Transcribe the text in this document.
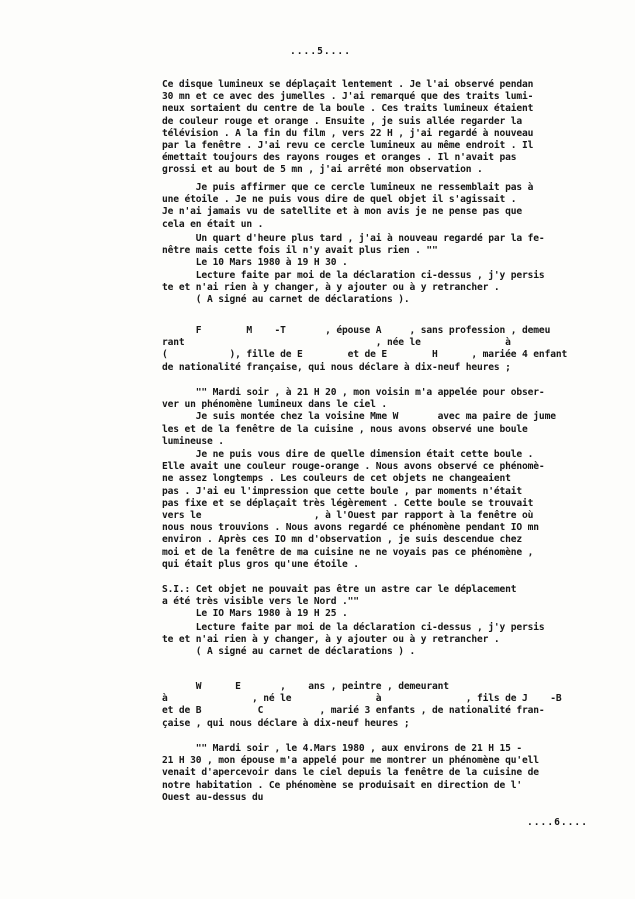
....5....
Ce disque lumineux se déplaçait lentement . Je l'ai observé pendan
30 mn et ce avec des jumelles . J'ai remarqué que des traits lumi-
neux sortaient du centre de la boule . Ces traits lumineux étaient
de couleur rouge et orange . Ensuite , je suis allée regarder la
télévision . A la fin du film , vers 22 H , j'ai regardé à nouveau
par la fenêtre . J'ai revu ce cercle lumineux au même endroit . Il
émettait toujours des rayons rouges et oranges . Il n'avait pas
grossi et au bout de 5 mn , j'ai arrêté mon observation .
Je puis affirmer que ce cercle lumineux ne ressemblait pas à
une étoile . Je ne puis vous dire de quel objet il s'agissait .
Je n'ai jamais vu de satellite et à mon avis je ne pense pas que
cela en était un .
Un quart d'heure plus tard , j'ai à nouveau regardé par la fe-
nêtre mais cette fois il n'y avait plus rien . ""
Le 10 Mars 1980 à 19 H 30 .
Lecture faite par moi de la déclaration ci-dessus , j'y persis
te et n'ai rien à y changer, à y ajouter ou à y retrancher .
( A signé au carnet de déclarations ).
F        M    -T       , épouse A     , sans profession , demeu
rant                                  , née le               à
(           ), fille de E        et de E        H      , mariée 4 enfant
de nationalité française, qui nous déclare à dix-neuf heures ;
"" Mardi soir , à 21 H 20 , mon voisin m'a appelée pour obser-
ver un phénomène lumineux dans le ciel .
Je suis montée chez la voisine Mme W       avec ma paire de jume
les et de la fenêtre de la cuisine , nous avons observé une boule
lumineuse .
Je ne puis vous dire de quelle dimension était cette boule .
Elle avait une couleur rouge-orange . Nous avons observé ce phénomè-
ne assez longtemps . Les couleurs de cet objets ne changeaient
pas . J'ai eu l'impression que cette boule , par moments n'était
pas fixe et se déplaçait très légèrement . Cette boule se trouvait
vers le                    , à l'Ouest par rapport à la fenêtre où
nous nous trouvions . Nous avons regardé ce phénomène pendant IO mn
environ . Après ces IO mn d'observation , je suis descendue chez
moi et de la fenêtre de ma cuisine ne ne voyais pas ce phénomène ,
qui était plus gros qu'une étoile .
S.I.: Cet objet ne pouvait pas être un astre car le déplacement
a été très visible vers le Nord .""
Le IO Mars 1980 à 19 H 25 .
Lecture faite par moi de la déclaration ci-dessus , j'y persis
te et n'ai rien à y changer, à y ajouter ou à y retrancher .
( A signé au carnet de déclarations ) .
W      E       ,    ans , peintre , demeurant
à               , né le               à               , fils de J    -B
et de B          C          , marié 3 enfants , de nationalité fran-
çaise , qui nous déclare à dix-neuf heures ;
"" Mardi soir , le 4.Mars 1980 , aux environs de 21 H 15 -
21 H 30 , mon épouse m'a appelé pour me montrer un phénomène qu'ell
venait d'apercevoir dans le ciel depuis la fenêtre de la cuisine de
notre habitation . Ce phénomène se produisait en direction de l'
Ouest au-dessus du
....6....
